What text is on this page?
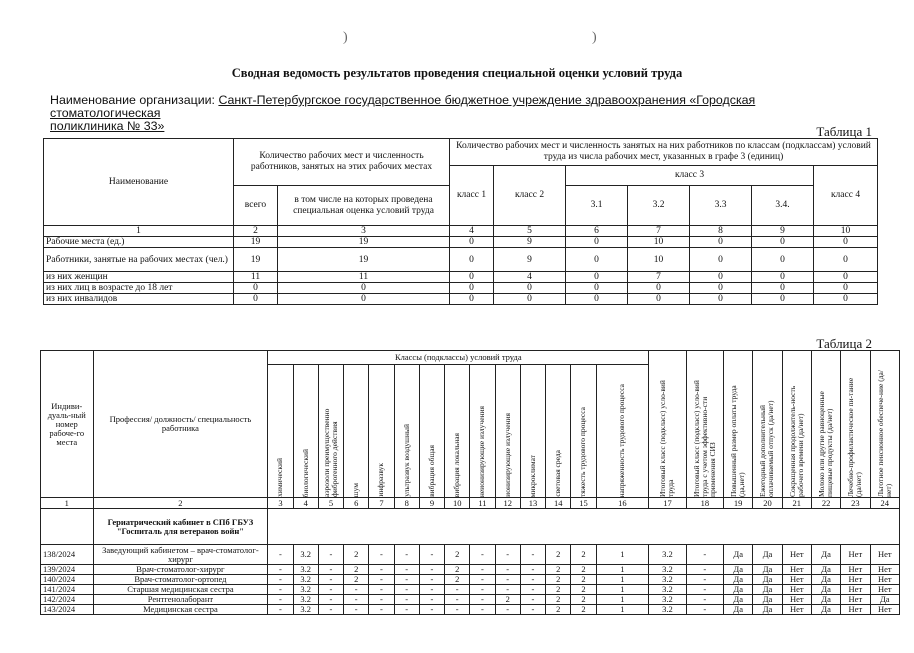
)	)
Сводная ведомость результатов проведения специальной оценки условий труда
Наименование организации: Санкт-Петербургское государственное бюджетное учреждение здравоохранения «Городская стоматологическая
поликлиника № 33»	Таблица 1
Наименование	Количество рабочих мест и численность работников, занятых на этих рабочих местах		Количество рабочих мест и численность занятых на них работников по классам (подклассам) условий труда из числа рабочих мест, указанных в графе 3 (единиц)						
			класс 1	класс 2	класс 3				класс 4
	всего	в том числе на которых проведена специальная оценка условий труда			3.1	3.2	3.3	3.4.	
1	2	3	4	5	6	7	8	9	10
Рабочие места (ед.)	19	19	0	9	0	10	0	0	0
Работники, занятые на рабочих местах (чел.)	19	19	0	9	0	10	0	0	0
из них женщин	11	11	0	4	0	7	0	0	0
из них лиц в возрасте до 18 лет	0	0	0	0	0	0	0	0	0
из них инвалидов	0	0	0	0	0	0	0	0	0
Таблица 2
Индиви-дуаль-ный номер рабоче-го места	Профессия/ должность/ специальность работника	Классы (подклассы) условий труда														Итоговый класс (подкласс) усло-вий труда	Итоговый класс (подкласс) усло-вий труда с учетом эффективно-сти применения СИЗ	Повышенный размер оплаты труда (да,нет)	Ежегодный дополнительный оплачиваемый отпуск (да/нет)	Сокращенная продолжитель-ность рабочего времени (да/нет)	Молоко или другие равноценные пищевые продукты (да/нет)	Лечебно-профилактическое пи-тание (да/нет)	Льготное пенсионное обеспече-ние (да/нет)

		химический	биологический	аэрозоли преимущественно фиброгенного действия	шум	инфразвук	ультразвук воздушный	вибрация общая	вибрация локальная	неионизирующие излучения	ионизирующие излучения	микроклимат	световая среда	тяжесть трудового процесса	напряженность трудового процесса								

1	2	3	4	5	6	7	8	9	10	11	12	13	14	15	16	17	18	19	20	21	22	23	24
	Гериатрический кабинет в СПб ГБУЗ "Госпиталь для ветеранов войн"																						
138/2024	Заведующий кабинетом – врач-стоматолог-хирург	-	3.2	-	2	-	-	-	2	-	-	-	2	2	1	3.2	-	Да	Да	Нет	Да	Нет	Нет
139/2024	Врач-стоматолог-хирург	-	3.2	-	2	-	-	-	2	-	-	-	2	2	1	3.2	-	Да	Да	Нет	Да	Нет	Нет
140/2024	Врач-стоматолог-ортопед	-	3.2	-	2	-	-	-	2	-	-	-	2	2	1	3.2	-	Да	Да	Нет	Да	Нет	Нет
141/2024	Старшая медицинская сестра	-	3.2	-	-	-	-	-	-	-	-	-	2	2	1	3.2	-	Да	Да	Нет	Да	Нет	Нет
142/2024	Рентгенолаборант	-	3.2	-	-	-	-	-	-	-	2	-	2	2	1	3.2	-	Да	Да	Нет	Да	Нет	Да
143/2024	Медицинская сестра	-	3.2	-	-	-	-	-	-	-	-	-	2	2	1	3.2	-	Да	Да	Нет	Да	Нет	Нет
